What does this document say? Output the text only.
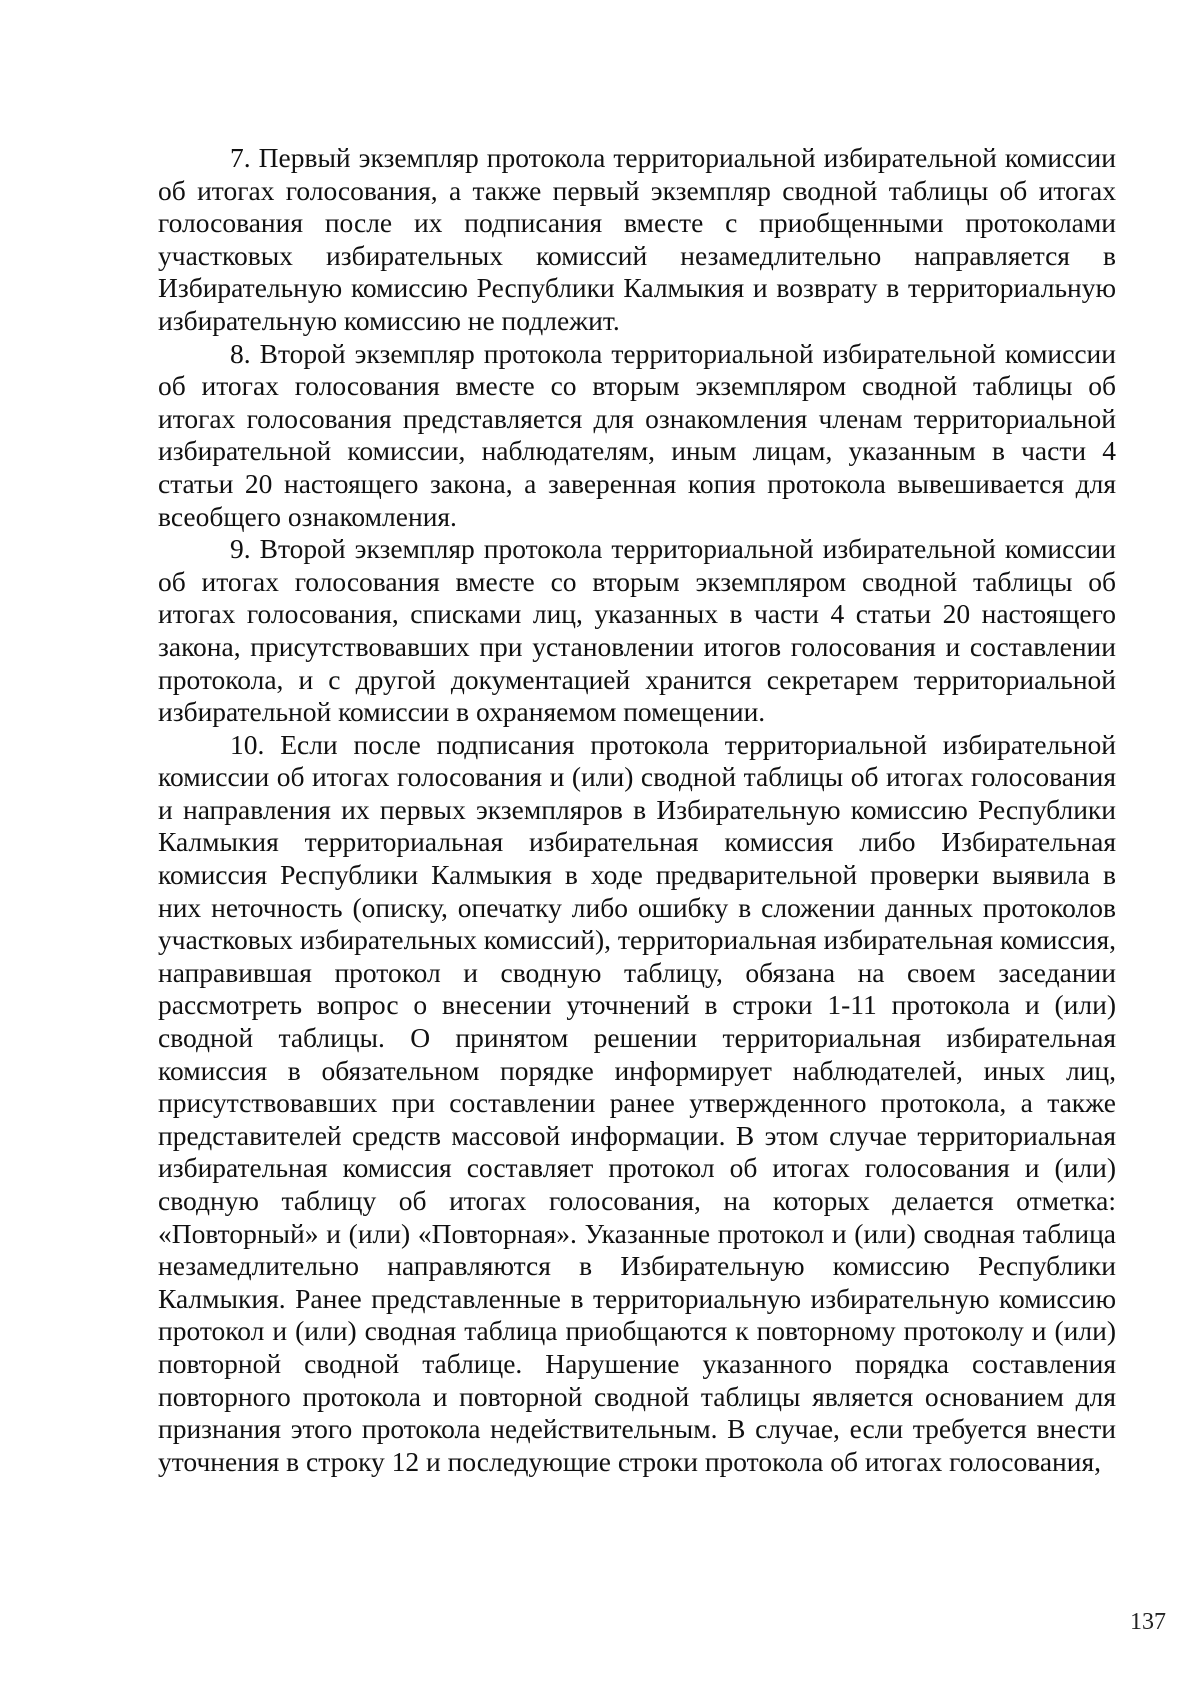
7. Первый экземпляр протокола территориальной избирательной комиссии об итогах голосования, а также первый экземпляр сводной таблицы об итогах голосования после их подписания вместе с приобщенными протоколами участковых избирательных комиссий незамедлительно направляется в Избирательную комиссию Республики Калмыкия и возврату в территориальную избирательную комиссию не подлежит.

8. Второй экземпляр протокола территориальной избирательной комиссии об итогах голосования вместе со вторым экземпляром сводной таблицы об итогах голосования представляется для ознакомления членам территориальной избирательной комиссии, наблюдателям, иным лицам, указанным в части 4 статьи 20 настоящего закона, а заверенная копия протокола вывешивается для всеобщего ознакомления.

9. Второй экземпляр протокола территориальной избирательной комиссии об итогах голосования вместе со вторым экземпляром сводной таблицы об итогах голосования, списками лиц, указанных в части 4 статьи 20 настоящего закона, присутствовавших при установлении итогов голосования и составлении протокола, и с другой документацией хранится секретарем территориальной избирательной комиссии в охраняемом помещении.

10. Если после подписания протокола территориальной избирательной комиссии об итогах голосования и (или) сводной таблицы об итогах голосования и направления их первых экземпляров в Избирательную комиссию Республики Калмыкия территориальная избирательная комиссия либо Избирательная комиссия Республики Калмыкия в ходе предварительной проверки выявила в них неточность (описку, опечатку либо ошибку в сложении данных протоколов участковых избирательных комиссий), территориальная избирательная комиссия, направившая протокол и сводную таблицу, обязана на своем заседании рассмотреть вопрос о внесении уточнений в строки 1-11 протокола и (или) сводной таблицы. О принятом решении территориальная избирательная комиссия в обязательном порядке информирует наблюдателей, иных лиц, присутствовавших при составлении ранее утвержденного протокола, а также представителей средств массовой информации. В этом случае территориальная избирательная комиссия составляет протокол об итогах голосования и (или) сводную таблицу об итогах голосования, на которых делается отметка: «Повторный» и (или) «Повторная». Указанные протокол и (или) сводная таблица незамедлительно направляются в Избирательную комиссию Республики Калмыкия. Ранее представленные в территориальную избирательную комиссию протокол и (или) сводная таблица приобщаются к повторному протоколу и (или) повторной сводной таблице. Нарушение указанного порядка составления повторного протокола и повторной сводной таблицы является основанием для признания этого протокола недействительным. В случае, если требуется внести уточнения в строку 12 и последующие строки протокола об итогах голосования,

137
